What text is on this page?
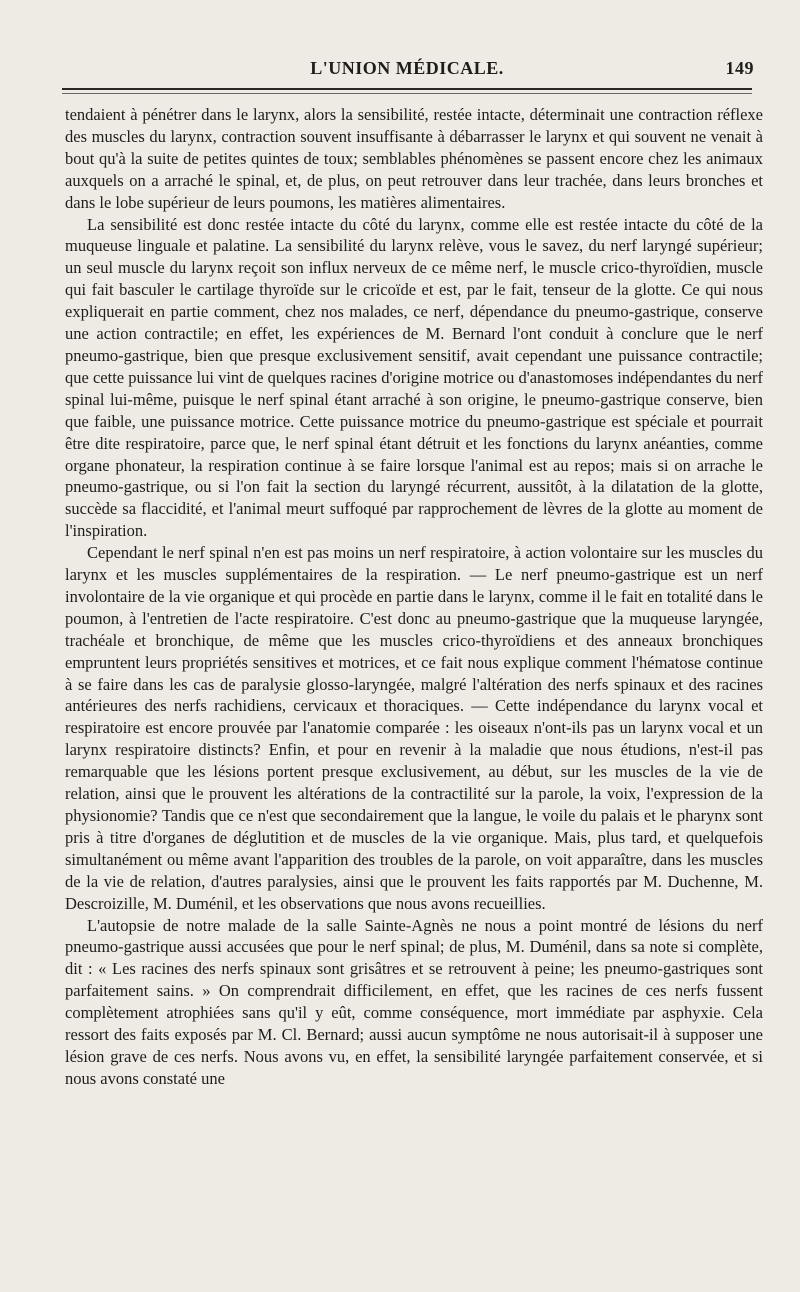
L'UNION MÉDICALE.	149

tendaient à pénétrer dans le larynx, alors la sensibilité, restée intacte, déterminait une contraction réflexe des muscles du larynx, contraction souvent insuffisante à débarrasser le larynx et qui souvent ne venait à bout qu'à la suite de petites quintes de toux; semblables phénomènes se passent encore chez les animaux auxquels on a arraché le spinal, et, de plus, on peut retrouver dans leur trachée, dans leurs bronches et dans le lobe supérieur de leurs poumons, les matières alimentaires.

La sensibilité est donc restée intacte du côté du larynx, comme elle est restée intacte du côté de la muqueuse linguale et palatine. La sensibilité du larynx relève, vous le savez, du nerf laryngé supérieur; un seul muscle du larynx reçoit son influx nerveux de ce même nerf, le muscle crico-thyroïdien, muscle qui fait basculer le cartilage thyroïde sur le cricoïde et est, par le fait, tenseur de la glotte. Ce qui nous expliquerait en partie comment, chez nos malades, ce nerf, dépendance du pneumo-gastrique, conserve une action contractile; en effet, les expériences de M. Bernard l'ont conduit à conclure que le nerf pneumo-gastrique, bien que presque exclusivement sensitif, avait cependant une puissance contractile; que cette puissance lui vint de quelques racines d'origine motrice ou d'anastomoses indépendantes du nerf spinal lui-même, puisque le nerf spinal étant arraché à son origine, le pneumo-gastrique conserve, bien que faible, une puissance motrice. Cette puissance motrice du pneumo-gastrique est spéciale et pourrait être dite respiratoire, parce que, le nerf spinal étant détruit et les fonctions du larynx anéanties, comme organe phonateur, la respiration continue à se faire lorsque l'animal est au repos; mais si on arrache le pneumo-gastrique, ou si l'on fait la section du laryngé récurrent, aussitôt, à la dilatation de la glotte, succède sa flaccidité, et l'animal meurt suffoqué par rapprochement de lèvres de la glotte au moment de l'inspiration.

Cependant le nerf spinal n'en est pas moins un nerf respiratoire, à action volontaire sur les muscles du larynx et les muscles supplémentaires de la respiration. — Le nerf pneumo-gastrique est un nerf involontaire de la vie organique et qui procède en partie dans le larynx, comme il le fait en totalité dans le poumon, à l'entretien de l'acte respiratoire. C'est donc au pneumo-gastrique que la muqueuse laryngée, trachéale et bronchique, de même que les muscles crico-thyroïdiens et des anneaux bronchiques empruntent leurs propriétés sensitives et motrices, et ce fait nous explique comment l'hématose continue à se faire dans les cas de paralysie glosso-laryngée, malgré l'altération des nerfs spinaux et des racines antérieures des nerfs rachidiens, cervicaux et thoraciques. — Cette indépendance du larynx vocal et respiratoire est encore prouvée par l'anatomie comparée : les oiseaux n'ont-ils pas un larynx vocal et un larynx respiratoire distincts? Enfin, et pour en revenir à la maladie que nous étudions, n'est-il pas remarquable que les lésions portent presque exclusivement, au début, sur les muscles de la vie de relation, ainsi que le prouvent les altérations de la contractilité sur la parole, la voix, l'expression de la physionomie? Tandis que ce n'est que secondairement que la langue, le voile du palais et le pharynx sont pris à titre d'organes de déglutition et de muscles de la vie organique. Mais, plus tard, et quelquefois simultanément ou même avant l'apparition des troubles de la parole, on voit apparaître, dans les muscles de la vie de relation, d'autres paralysies, ainsi que le prouvent les faits rapportés par M. Duchenne, M. Descroizille, M. Duménil, et les observations que nous avons recueillies.

L'autopsie de notre malade de la salle Sainte-Agnès ne nous a point montré de lésions du nerf pneumo-gastrique aussi accusées que pour le nerf spinal; de plus, M. Duménil, dans sa note si complète, dit : « Les racines des nerfs spinaux sont grisâtres et se retrouvent à peine; les pneumo-gastriques sont parfaitement sains. » On comprendrait difficilement, en effet, que les racines de ces nerfs fussent complètement atrophiées sans qu'il y eût, comme conséquence, mort immédiate par asphyxie. Cela ressort des faits exposés par M. Cl. Bernard; aussi aucun symptôme ne nous autorisait-il à supposer une lésion grave de ces nerfs. Nous avons vu, en effet, la sensibilité laryngée parfaitement conservée, et si nous avons constaté une
